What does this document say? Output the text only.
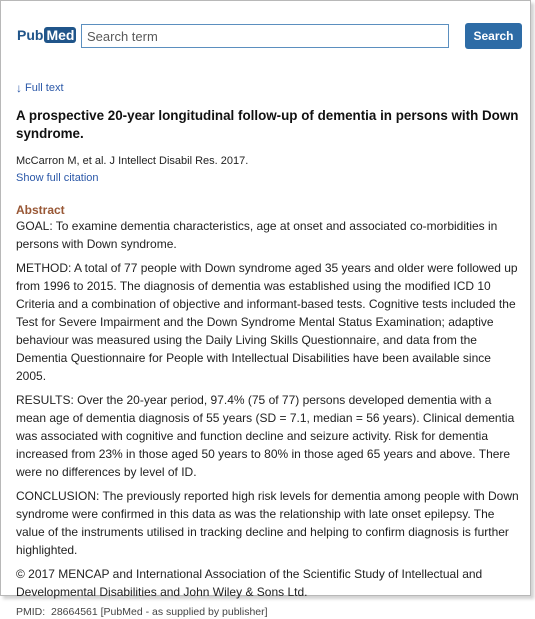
Pub Med
Search term	Search
↓ Full text
A prospective 20-year longitudinal follow-up of dementia in persons with Down syndrome.
McCarron M, et al. J Intellect Disabil Res. 2017.
Show full citation
Abstract

GOAL: To examine dementia characteristics, age at onset and associated co-morbidities in persons with Down syndrome.

METHOD: A total of 77 people with Down syndrome aged 35 years and older were followed up from 1996 to 2015. The diagnosis of dementia was established using the modified ICD 10 Criteria and a combination of objective and informant-based tests. Cognitive tests included the Test for Severe Impairment and the Down Syndrome Mental Status Examination; adaptive behaviour was measured using the Daily Living Skills Questionnaire, and data from the Dementia Questionnaire for People with Intellectual Disabilities have been available since 2005.

RESULTS: Over the 20-year period, 97.4% (75 of 77) persons developed dementia with a mean age of dementia diagnosis of 55 years (SD = 7.1, median = 56 years). Clinical dementia was associated with cognitive and function decline and seizure activity. Risk for dementia increased from 23% in those aged 50 years to 80% in those aged 65 years and above. There were no differences by level of ID.

CONCLUSION: The previously reported high risk levels for dementia among people with Down syndrome were confirmed in this data as was the relationship with late onset epilepsy. The value of the instruments utilised in tracking decline and helping to confirm diagnosis is further highlighted.

© 2017 MENCAP and International Association of the Scientific Study of Intellectual and Developmental Disabilities and John Wiley & Sons Ltd.

PMID:  28664561 [PubMed - as supplied by publisher]
